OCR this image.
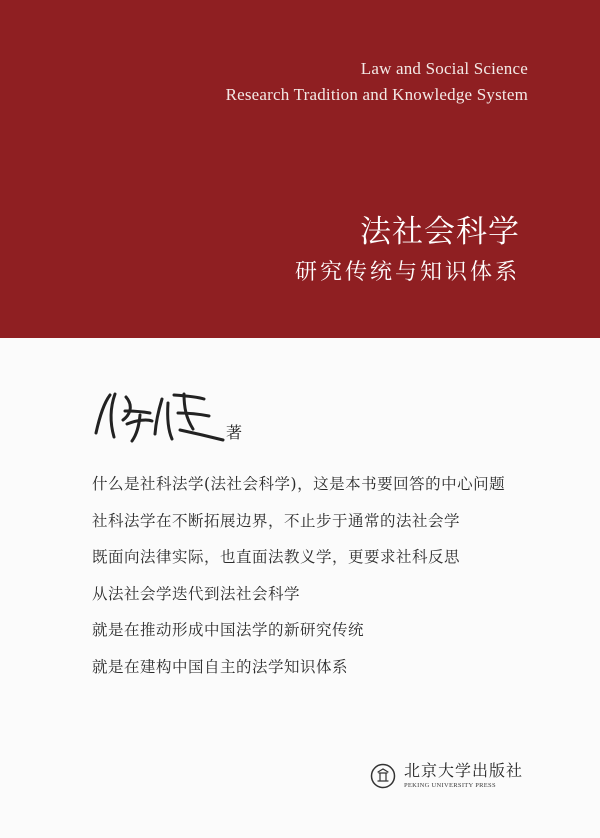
Law and Social Science
Research Tradition and Knowledge System
法社会科学
研究传统与知识体系
著
什么是社科法学(法社会科学)，这是本书要回答的中心问题
社科法学在不断拓展边界，不止步于通常的法社会学
既面向法律实际，也直面法教义学，更要求社科反思
从法社会学迭代到法社会科学
就是在推动形成中国法学的新研究传统
就是在建构中国自主的法学知识体系
北京大学出版社
PEKING UNIVERSITY PRESS
